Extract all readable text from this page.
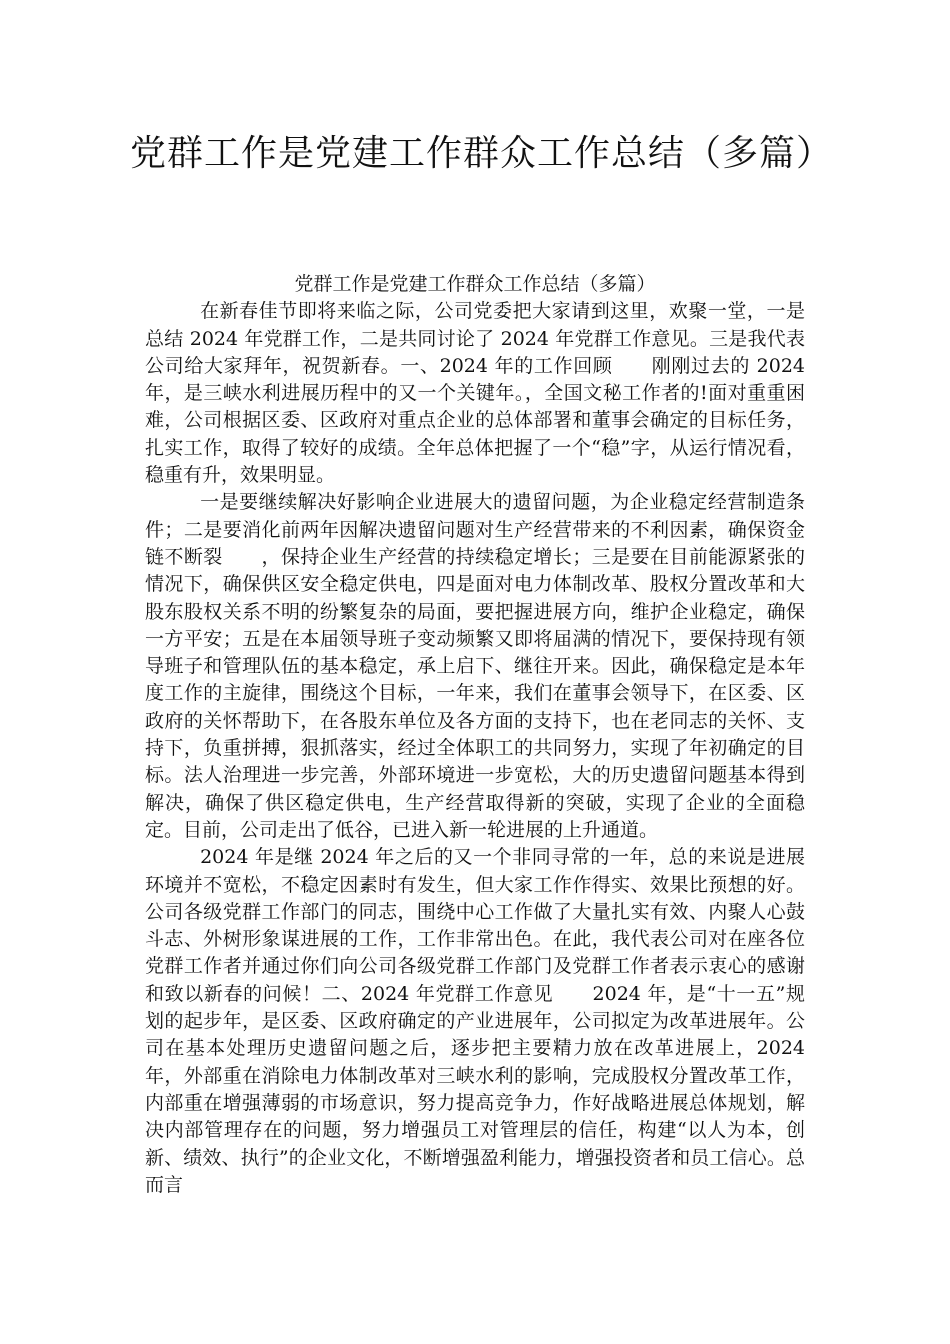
党群工作是党建工作群众工作总结（多篇）

党群工作是党建工作群众工作总结（多篇）

在新春佳节即将来临之际，公司党委把大家请到这里，欢聚一堂，一是总结 2024 年党群工作，二是共同讨论了 2024 年党群工作意见。三是我代表公司给大家拜年，祝贺新春。一、2024 年的工作回顾　　刚刚过去的 2024 年，是三峡水利进展历程中的又一个关键年。，全国文秘工作者的!面对重重困难，公司根据区委、区政府对重点企业的总体部署和董事会确定的目标任务，扎实工作，取得了较好的成绩。全年总体把握了一个“稳”字，从运行情况看，稳重有升，效果明显。

一是要继续解决好影响企业进展大的遗留问题，为企业稳定经营制造条件；二是要消化前两年因解决遗留问题对生产经营带来的不利因素，确保资金链不断裂　　，保持企业生产经营的持续稳定增长；三是要在目前能源紧张的情况下，确保供区安全稳定供电，四是面对电力体制改革、股权分置改革和大股东股权关系不明的纷繁复杂的局面，要把握进展方向，维护企业稳定，确保一方平安；五是在本届领导班子变动频繁又即将届满的情况下，要保持现有领导班子和管理队伍的基本稳定，承上启下、继往开来。因此，确保稳定是本年度工作的主旋律，围绕这个目标，一年来，我们在董事会领导下，在区委、区政府的关怀帮助下，在各股东单位及各方面的支持下，也在老同志的关怀、支持下，负重拼搏，狠抓落实，经过全体职工的共同努力，实现了年初确定的目标。法人治理进一步完善，外部环境进一步宽松，大的历史遗留问题基本得到解决，确保了供区稳定供电，生产经营取得新的突破，实现了企业的全面稳定。目前，公司走出了低谷，已进入新一轮进展的上升通道。

2024 年是继 2024 年之后的又一个非同寻常的一年，总的来说是进展环境并不宽松，不稳定因素时有发生，但大家工作作得实、效果比预想的好。公司各级党群工作部门的同志，围绕中心工作做了大量扎实有效、内聚人心鼓斗志、外树形象谋进展的工作，工作非常出色。在此，我代表公司对在座各位党群工作者并通过你们向公司各级党群工作部门及党群工作者表示衷心的感谢和致以新春的问候！二、2024 年党群工作意见　　2024 年，是“十一五”规划的起步年，是区委、区政府确定的产业进展年，公司拟定为改革进展年。公司在基本处理历史遗留问题之后，逐步把主要精力放在改革进展上，2024 年，外部重在消除电力体制改革对三峡水利的影响，完成股权分置改革工作，内部重在增强薄弱的市场意识，努力提高竞争力，作好战略进展总体规划，解决内部管理存在的问题，努力增强员工对管理层的信任，构建“以人为本，创新、绩效、执行”的企业文化，不断增强盈利能力，增强投资者和员工信心。总而言
